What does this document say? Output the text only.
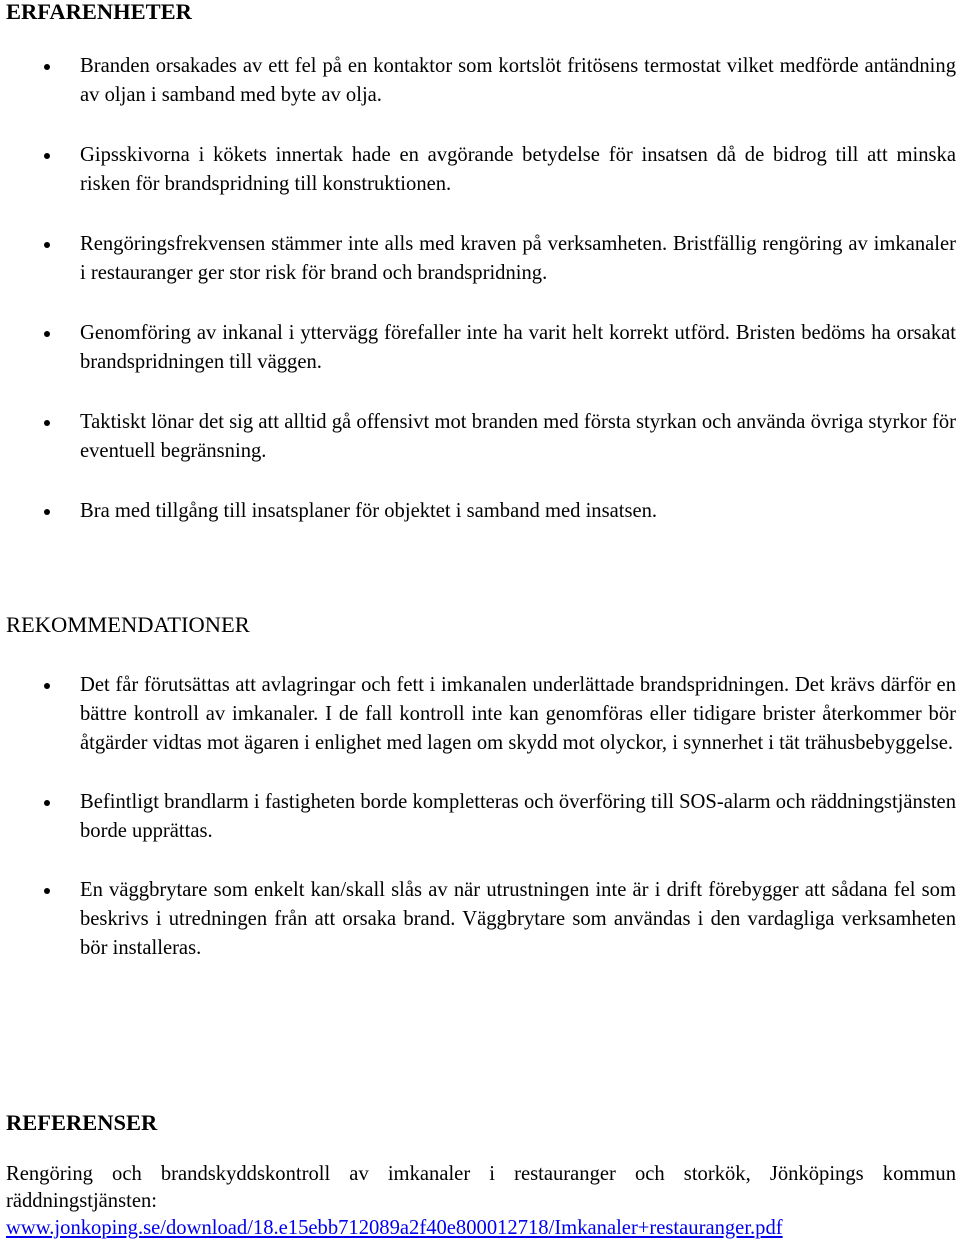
ERFARENHETER
Branden orsakades av ett fel på en kontaktor som kortslöt fritösens termostat vilket medförde antändning av oljan i samband med byte av olja.
Gipsskivorna i kökets innertak hade en avgörande betydelse för insatsen då de bidrog till att minska risken för brandspridning till konstruktionen.
Rengöringsfrekvensen stämmer inte alls med kraven på verksamheten. Bristfällig rengöring av imkanaler i restauranger ger stor risk för brand och brandspridning.
Genomföring av inkanal i yttervägg förefaller inte ha varit helt korrekt utförd. Bristen bedöms ha orsakat brandspridningen till väggen.
Taktiskt lönar det sig att alltid gå offensivt mot branden med första styrkan och använda övriga styrkor för eventuell begränsning.
Bra med tillgång till insatsplaner för objektet i samband med insatsen.
REKOMMENDATIONER
Det får förutsättas att avlagringar och fett i imkanalen underlättade brandspridningen. Det krävs därför en bättre kontroll av imkanaler. I de fall kontroll inte kan genomföras eller tidigare brister återkommer bör åtgärder vidtas mot ägaren i enlighet med lagen om skydd mot olyckor, i synnerhet i tät trähusbebyggelse.
Befintligt brandlarm i fastigheten borde kompletteras och överföring till SOS-alarm och räddningstjänsten borde upprättas.
En väggbrytare som enkelt kan/skall slås av när utrustningen inte är i drift förebygger att sådana fel som beskrivs i utredningen från att orsaka brand. Väggbrytare som användas i den vardagliga verksamheten bör installeras.
REFERENSER

Rengöring och brandskyddskontroll av imkanaler i restauranger och storkök, Jönköpings kommun räddningstjänsten:

www.jonkoping.se/download/18.e15ebb712089a2f40e800012718/Imkanaler+restauranger.pdf
